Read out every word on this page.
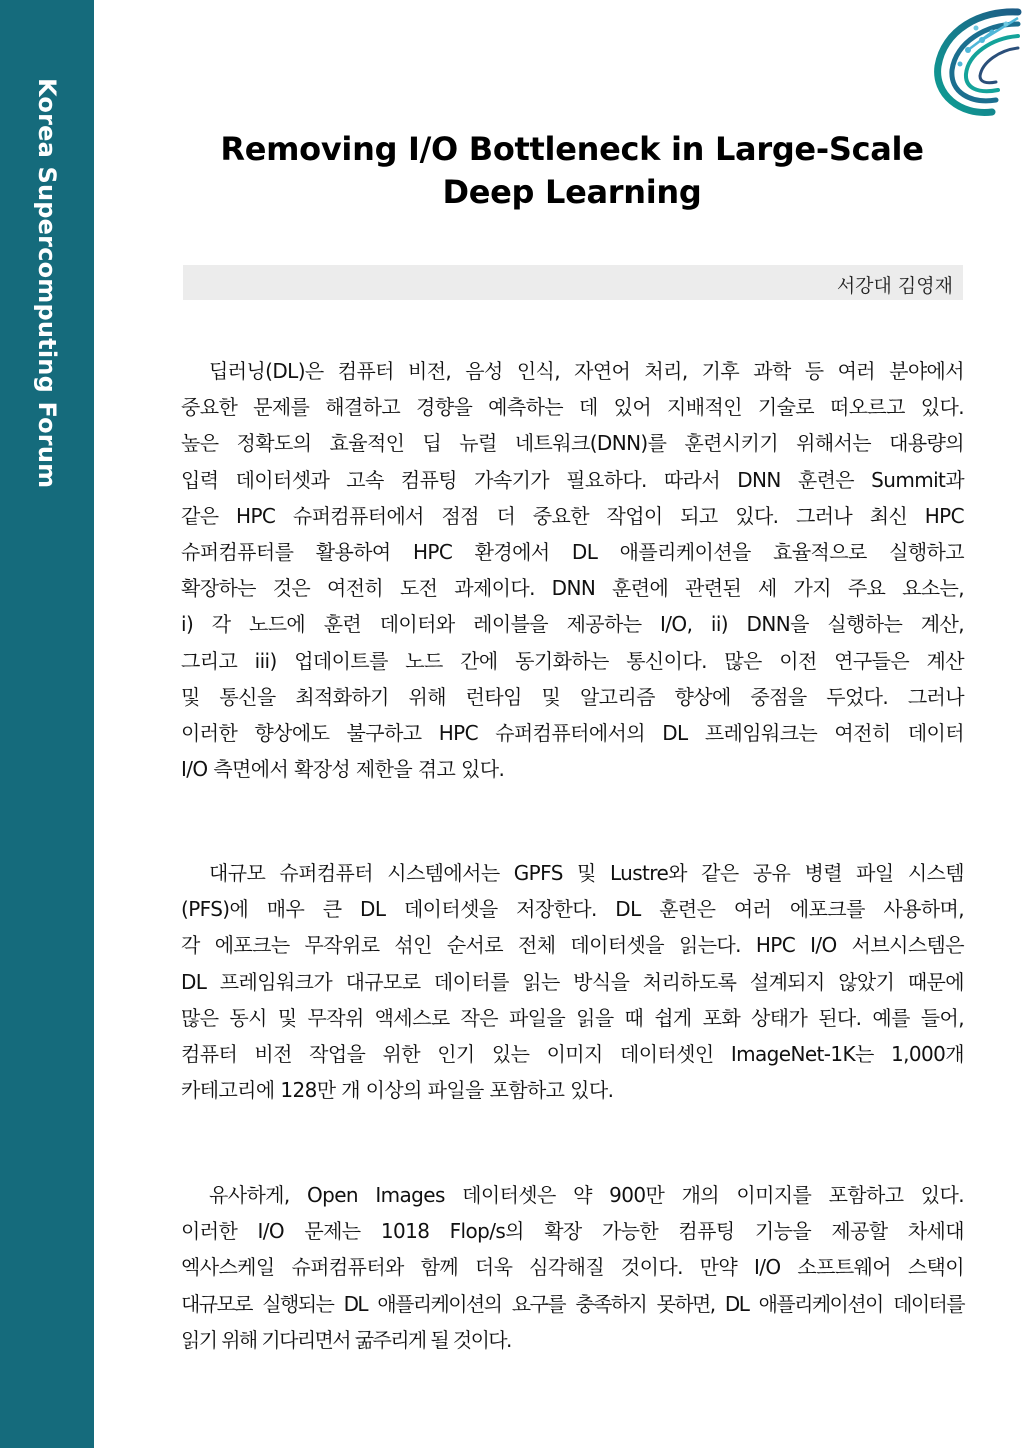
Korea Supercomputing Forum	Removing I/O Bottleneck in Large-Scale
Deep Learning
서강대 김영재

딥러닝(DL)은 컴퓨터 비전, 음성 인식, 자연어 처리, 기후 과학 등 여러 분야에서
중요한 문제를 해결하고 경향을 예측하는 데 있어 지배적인 기술로 떠오르고 있다.
높은 정확도의 효율적인 딥 뉴럴 네트워크(DNN)를 훈련시키기 위해서는 대용량의
입력 데이터셋과 고속 컴퓨팅 가속기가 필요하다. 따라서 DNN 훈련은 Summit과
같은 HPC 슈퍼컴퓨터에서 점점 더 중요한 작업이 되고 있다. 그러나 최신 HPC
슈퍼컴퓨터를 활용하여 HPC 환경에서 DL 애플리케이션을 효율적으로 실행하고
확장하는 것은 여전히 도전 과제이다. DNN 훈련에 관련된 세 가지 주요 요소는,
i) 각 노드에 훈련 데이터와 레이블을 제공하는 I/O, ii) DNN을 실행하는 계산,
그리고 iii) 업데이트를 노드 간에 동기화하는 통신이다. 많은 이전 연구들은 계산
및 통신을 최적화하기 위해 런타임 및 알고리즘 향상에 중점을 두었다. 그러나
이러한 향상에도 불구하고 HPC 슈퍼컴퓨터에서의 DL 프레임워크는 여전히 데이터
I/O 측면에서 확장성 제한을 겪고 있다.

대규모 슈퍼컴퓨터 시스템에서는 GPFS 및 Lustre와 같은 공유 병렬 파일 시스템
(PFS)에 매우 큰 DL 데이터셋을 저장한다. DL 훈련은 여러 에포크를 사용하며,
각 에포크는 무작위로 섞인 순서로 전체 데이터셋을 읽는다. HPC I/O 서브시스템은
DL 프레임워크가 대규모로 데이터를 읽는 방식을 처리하도록 설계되지 않았기 때문에
많은 동시 및 무작위 액세스로 작은 파일을 읽을 때 쉽게 포화 상태가 된다. 예를 들어,
컴퓨터 비전 작업을 위한 인기 있는 이미지 데이터셋인 ImageNet-1K는 1,000개
카테고리에 128만 개 이상의 파일을 포함하고 있다.

유사하게, Open Images 데이터셋은 약 900만 개의 이미지를 포함하고 있다.
이러한 I/O 문제는 1018 Flop/s의 확장 가능한 컴퓨팅 기능을 제공할 차세대
엑사스케일 슈퍼컴퓨터와 함께 더욱 심각해질 것이다. 만약 I/O 소프트웨어 스택이
대규모로 실행되는 DL 애플리케이션의 요구를 충족하지 못하면, DL 애플리케이션이 데이터를
읽기 위해 기다리면서 굶주리게 될 것이다.
